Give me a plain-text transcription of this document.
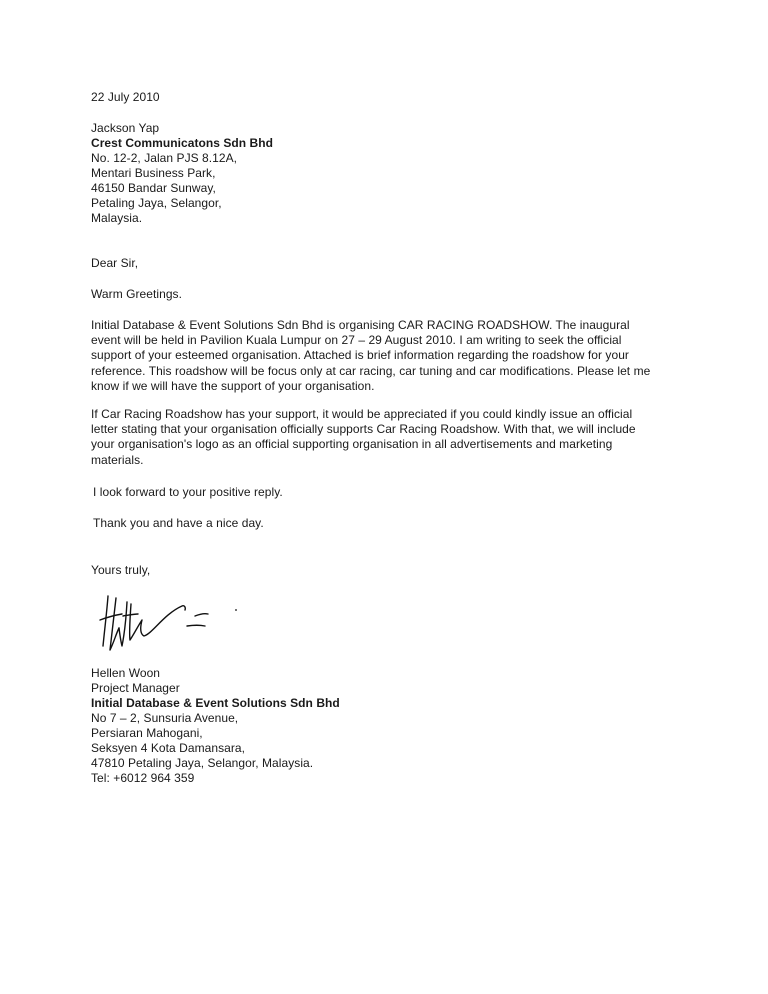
22 July 2010
Jackson Yap
Crest Communicatons Sdn Bhd
No. 12-2, Jalan PJS 8.12A,
Mentari Business Park,
46150 Bandar Sunway,
Petaling Jaya, Selangor,
Malaysia.
Dear Sir,
Warm Greetings.
Initial Database & Event Solutions Sdn Bhd is organising CAR RACING ROADSHOW. The inaugural
event will be held in Pavilion Kuala Lumpur on 27 – 29 August 2010. I am writing to seek the official
support of your esteemed organisation. Attached is brief information regarding the roadshow for your
reference. This roadshow will be focus only at car racing, car tuning and car modifications. Please let me
know if we will have the support of your organisation.
If Car Racing Roadshow has your support, it would be appreciated if you could kindly issue an official
letter stating that your organisation officially supports Car Racing Roadshow. With that, we will include
your organisation's logo as an official supporting organisation in all advertisements and marketing
materials.
I look forward to your positive reply.
Thank you and have a nice day.
Yours truly,
Hellen Woon
Project Manager
Initial Database & Event Solutions Sdn Bhd
No 7 – 2, Sunsuria Avenue,
Persiaran Mahogani,
Seksyen 4 Kota Damansara,
47810 Petaling Jaya, Selangor, Malaysia.
Tel: +6012 964 359
